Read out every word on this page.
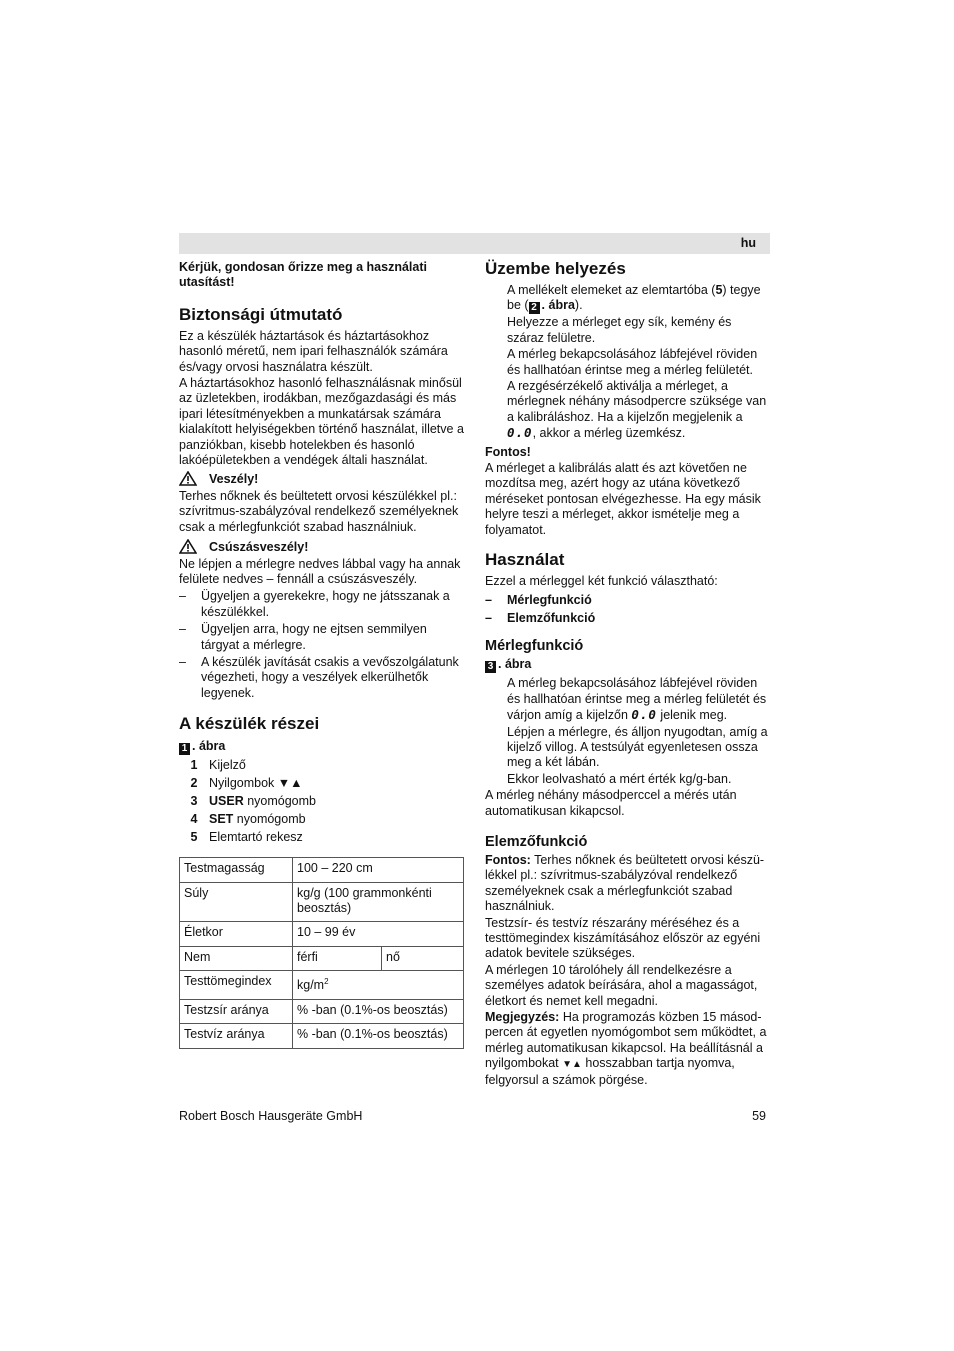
hu

Kérjük, gondosan őrizze meg a használati utasítást!

Biztonsági útmutató

Ez a készülék háztartások és háztartásokhoz hasonló méretű, nem ipari felhasználók számára és/vagy orvosi használatra készült.

A háztartásokhoz hasonló felhasználásnak minősül az üzletekben, irodákban, mezőgazdasági és más ipari létesítményekben a munkatársak számára kialakított helyiségekben történő használat, illetve a panziókban, kisebb hotelekben és hasonló lakóépületekben a vendégek általi használat.

Veszély!

Terhes nőknek és beültetett orvosi készülékkel pl.: szívritmus-szabályzóval rendelkező személyeknek csak a mérlegfunkciót szabad használniuk.

Csúszásveszély!

Ne lépjen a mérlegre nedves lábbal vagy ha annak felülete nedves – fennáll a csúszásveszély.

–	Ügyeljen a gyerekekre, hogy ne játsszanak a készülékkel.
–	Ügyeljen arra, hogy ne ejtsen semmilyen tárgyat a mérlegre.
–	A készülék javítását csakis a vevőszolgálatunk végezheti, hogy a veszélyek elkerülhetők legyenek.
A készülék részei

1 . ábra

1 Kijelző
2 Nyilgombok ▼▲
3 USER nyomógomb
4 SET nyomógomb
5 Elemtartó rekesz
Testmagasság	100 – 220 cm	
Súly	kg/g (100 grammonkénti beosztás)	
Életkor	10 – 99 év	
Nem	férfi	nő
Testtömegindex	$kg/m^2$
Testzsír aránya	% -ban (0.1%-os beosztás)	
Testvíz aránya	% -ban (0.1%-os beosztás)	
Üzembe helyezés

A mellékelt elemeket az elemtartóba (5) tegye be ( 2 . ábra).

Helyezze a mérleget egy sík, kemény és száraz felületre.

A mérleg bekapcsolásához lábfejével röviden és hallhatóan érintse meg a mérleg felületét.

A rezgésérzékelő aktiválja a mérleget, a mérlegnek néhány másodpercre szüksége van a kalibráláshoz. Ha a kijelzőn megjelenik a 0.0, akkor a mérleg üzemkész.

Fontos!

A mérleget a kalibrálás alatt és azt követően ne mozdítsa meg, azért hogy az utána következő méréseket pontosan elvégezhesse. Ha egy másik helyre teszi a mérleget, akkor ismételje meg a folyamatot.

Használat

Ezzel a mérleggel két funkció választható:

–	Mérlegfunkció
–	Elemzőfunkció
Mérlegfunkció

3 . ábra

A mérleg bekapcsolásához lábfejével röviden és hallhatóan érintse meg a mérleg felületét és várjon amíg a kijelzőn 0.0 jelenik meg.

Lépjen a mérlegre, és álljon nyugodtan, amíg a kijelző villog. A testsúlyát egyenletesen ossza meg a két lábán.

Ekkor leolvasható a mért érték kg/g-ban.

A mérleg néhány másodperccel a mérés után automatikusan kikapcsol.

Elemzőfunkció

Fontos: Terhes nőknek és beültetett orvosi készülékkel pl.: szívritmus-szabályzóval rendelkező személyeknek csak a mérlegfunkciót szabad használniuk.

Testzsír- és testvíz részarány méréséhez és a testtömegindex kiszámításához először az egyéni adatok bevitele szükséges.

A mérlegen 10 tárolóhely áll rendelkezésre a személyes adatok beírására, ahol a magasságot, életkort és nemet kell megadni.

Megjegyzés: Ha programozás közben 15 másodpercen át egyetlen nyomógombot sem működtet, a mérleg automatikusan kikapcsol. Ha beállításnál a nyilgombokat ▼▲ hosszabban tartja nyomva, felgyorsul a számok pörgése.

Robert Bosch Hausgeräte GmbH	59
